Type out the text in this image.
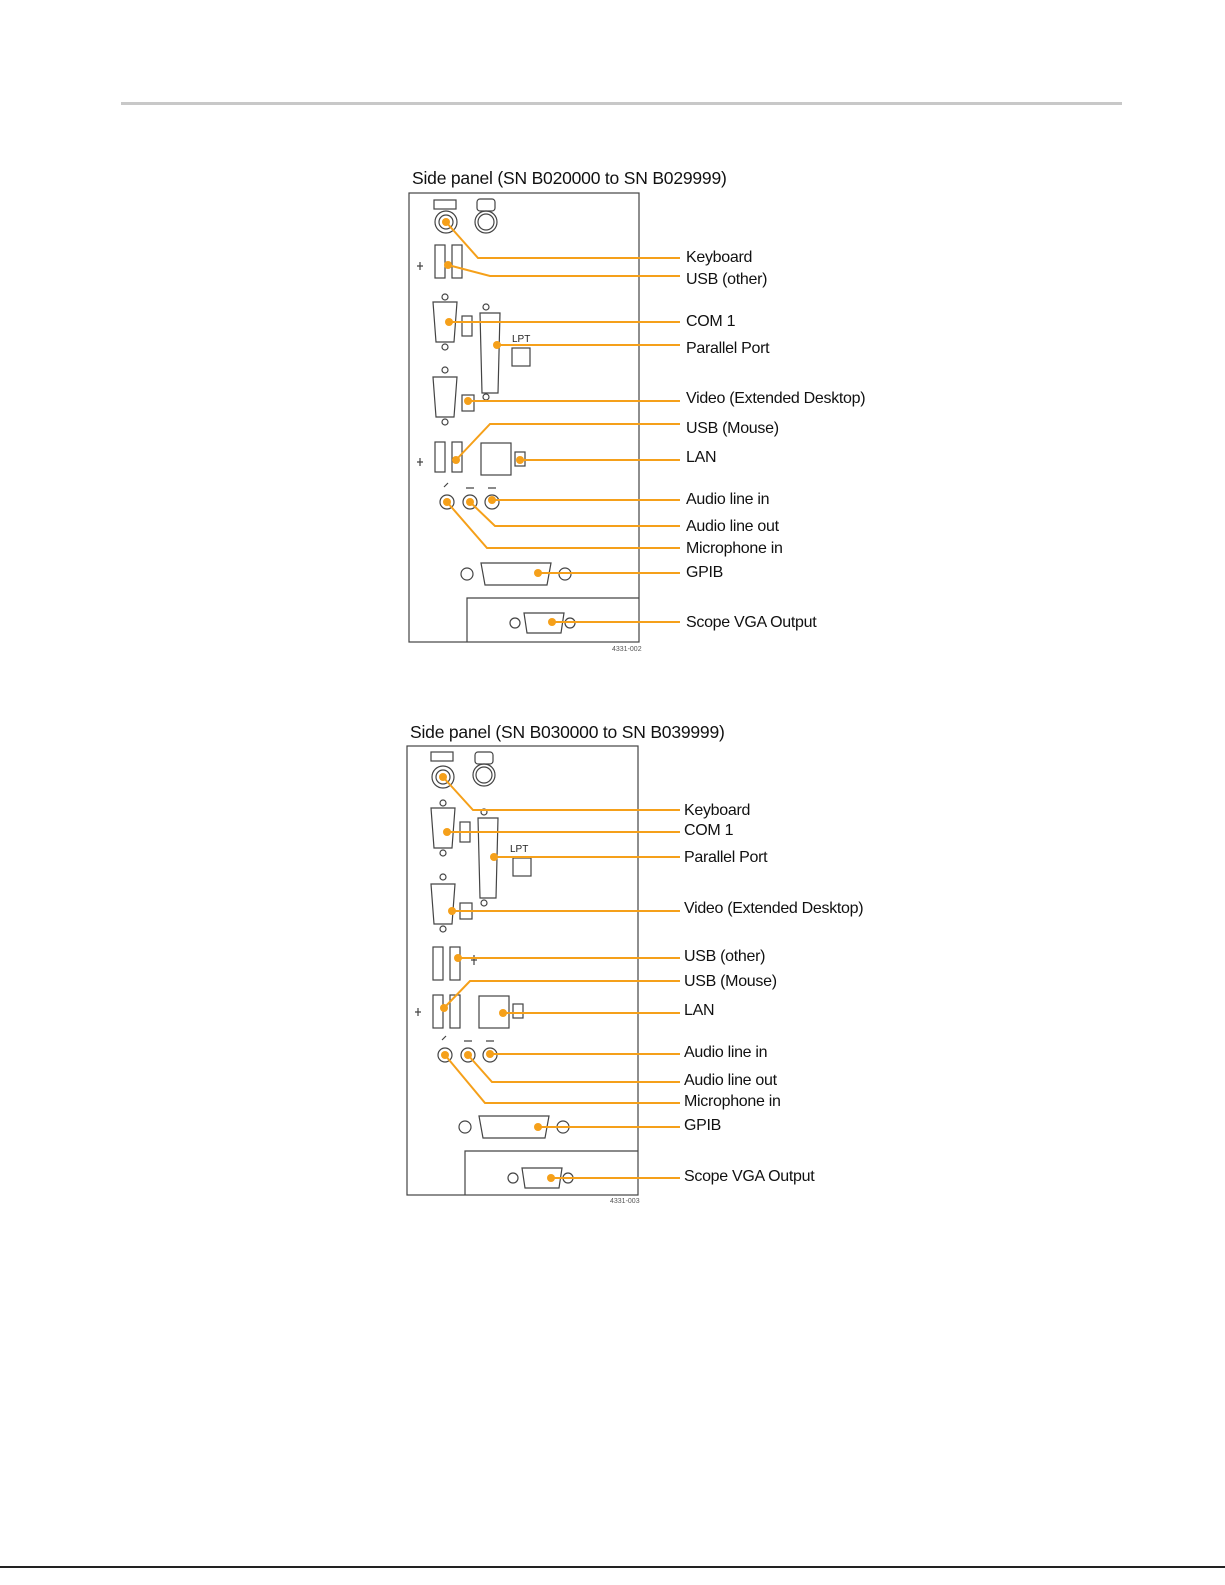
Side panel (SN B020000 to SN B029999)
LPT
Keyboard
USB (other)
COM 1
Parallel Port
Video (Extended Desktop)
USB (Mouse)
LAN
Audio line in
Audio line out
Microphone in
GPIB
Scope VGA Output
4331-002
Side panel (SN B030000 to SN B039999)
LPT
Keyboard
COM 1
Parallel Port
Video (Extended Desktop)
USB (other)
USB (Mouse)
LAN
Audio line in
Audio line out
Microphone in
GPIB
Scope VGA Output
4331-003
